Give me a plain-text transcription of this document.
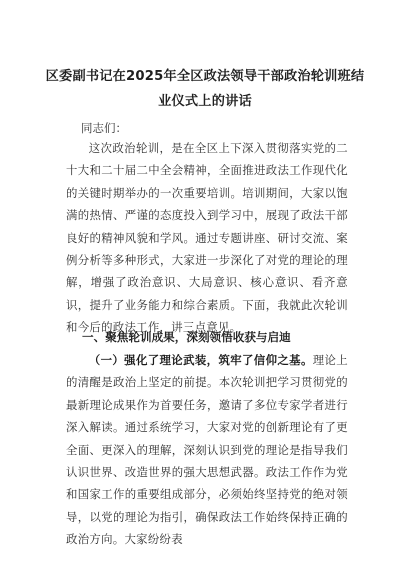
区委副书记在2025年全区政法领导干部政治轮训班结业仪式上的讲话
同志们：
这次政治轮训，是在全区上下深入贯彻落实党的二十大和二十届二中全会精神，全面推进政法工作现代化的关键时期举办的一次重要培训。培训期间，大家以饱满的热情、严谨的态度投入到学习中，展现了政法干部良好的精神风貌和学风。通过专题讲座、研讨交流、案例分析等多种形式，大家进一步深化了对党的理论的理解，增强了政治意识、大局意识、核心意识、看齐意识，提升了业务能力和综合素质。下面，我就此次轮训和今后的政法工作，讲三点意见。
一、聚焦轮训成果，深刻领悟收获与启迪
（一）强化了理论武装，筑牢了信仰之基。理论上的清醒是政治上坚定的前提。本次轮训把学习贯彻党的最新理论成果作为首要任务，邀请了多位专家学者进行深入解读。通过系统学习，大家对党的创新理论有了更全面、更深入的理解，深刻认识到党的理论是指导我们认识世界、改造世界的强大思想武器。政法工作作为党和国家工作的重要组成部分，必须始终坚持党的绝对领导，以党的理论为指引，确保政法工作始终保持正确的政治方向。大家纷纷表
